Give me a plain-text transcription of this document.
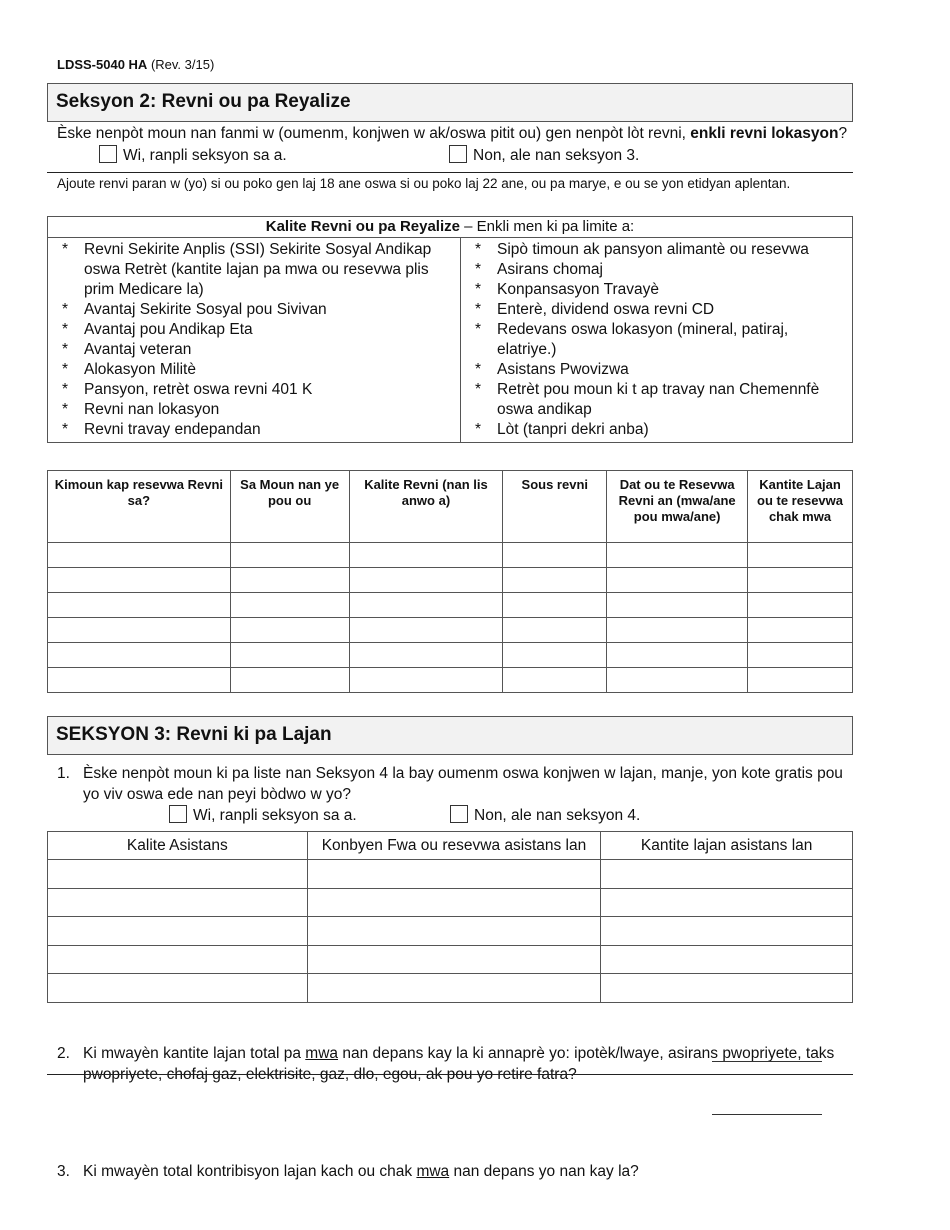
LDSS-5040 HA (Rev. 3/15)
Seksyon 2: Revni ou pa Reyalize
Èske nenpòt moun nan fanmi w (oumenm, konjwen w ak/oswa pitit ou) gen nenpòt lòt revni, enkli revni lokasyon?
Wi, ranpli seksyon sa a.	Non, ale nan seksyon 3.
Ajoute renvi paran w (yo) si ou poko gen laj 18 ane oswa si ou poko laj 22 ane, ou pa marye, e ou se yon etidyan aplentan.
Kalite Revni ou pa Reyalize – Enkli men ki pa limite a:
* Revni Sekirite Anplis (SSI) Sekirite Sosyal Andikap oswa Retrèt (kantite lajan pa mwa ou resevwa plis prim Medicare la)
* Avantaj Sekirite Sosyal pou Sivivan
* Avantaj pou Andikap Eta
* Avantaj veteran
* Alokasyon Militè
* Pansyon, retrèt oswa revni 401 K
* Revni nan lokasyon
* Revni travay endepandan
* Sipò timoun ak pansyon alimantè ou resevwa
* Asirans chomaj
* Konpansasyon Travayè
* Enterè, dividend oswa revni CD
* Redevans oswa lokasyon (mineral, patiraj, elatriye.)
* Asistans Pwovizwa
* Retrèt pou moun ki t ap travay nan Chemennfè oswa andikap
* Lòt (tanpri dekri anba)
Kimoun kap resevwa Revni sa?	Sa Moun nan ye pou ou	Kalite Revni (nan lis anwo a)	Sous revni	Dat ou te Resevwa Revni an (mwa/ane pou mwa/ane)	Kantite Lajan ou te resevwa chak mwa

SEKSYON 3: Revni ki pa Lajan
1. Èske nenpòt moun ki pa liste nan Seksyon 4 la bay oumenm oswa konjwen w lajan, manje, yon kote gratis pou yo viv oswa ede nan peyi bòdwo w yo?
Wi, ranpli seksyon sa a.	Non, ale nan seksyon 4.
Kalite Asistans	Konbyen Fwa ou resevwa asistans lan	Kantite lajan asistans lan

2. Ki mwayèn kantite lajan total pa mwa nan depans kay la ki annaprè yo: ipotèk/lwaye, asirans pwopriyete, taks pwopriyete, chofaj gaz, elektrisite, gaz, dlo, egou, ak pou yo retire fatra?
3. Ki mwayèn total kontribisyon lajan kach ou chak mwa nan depans yo nan kay la?
